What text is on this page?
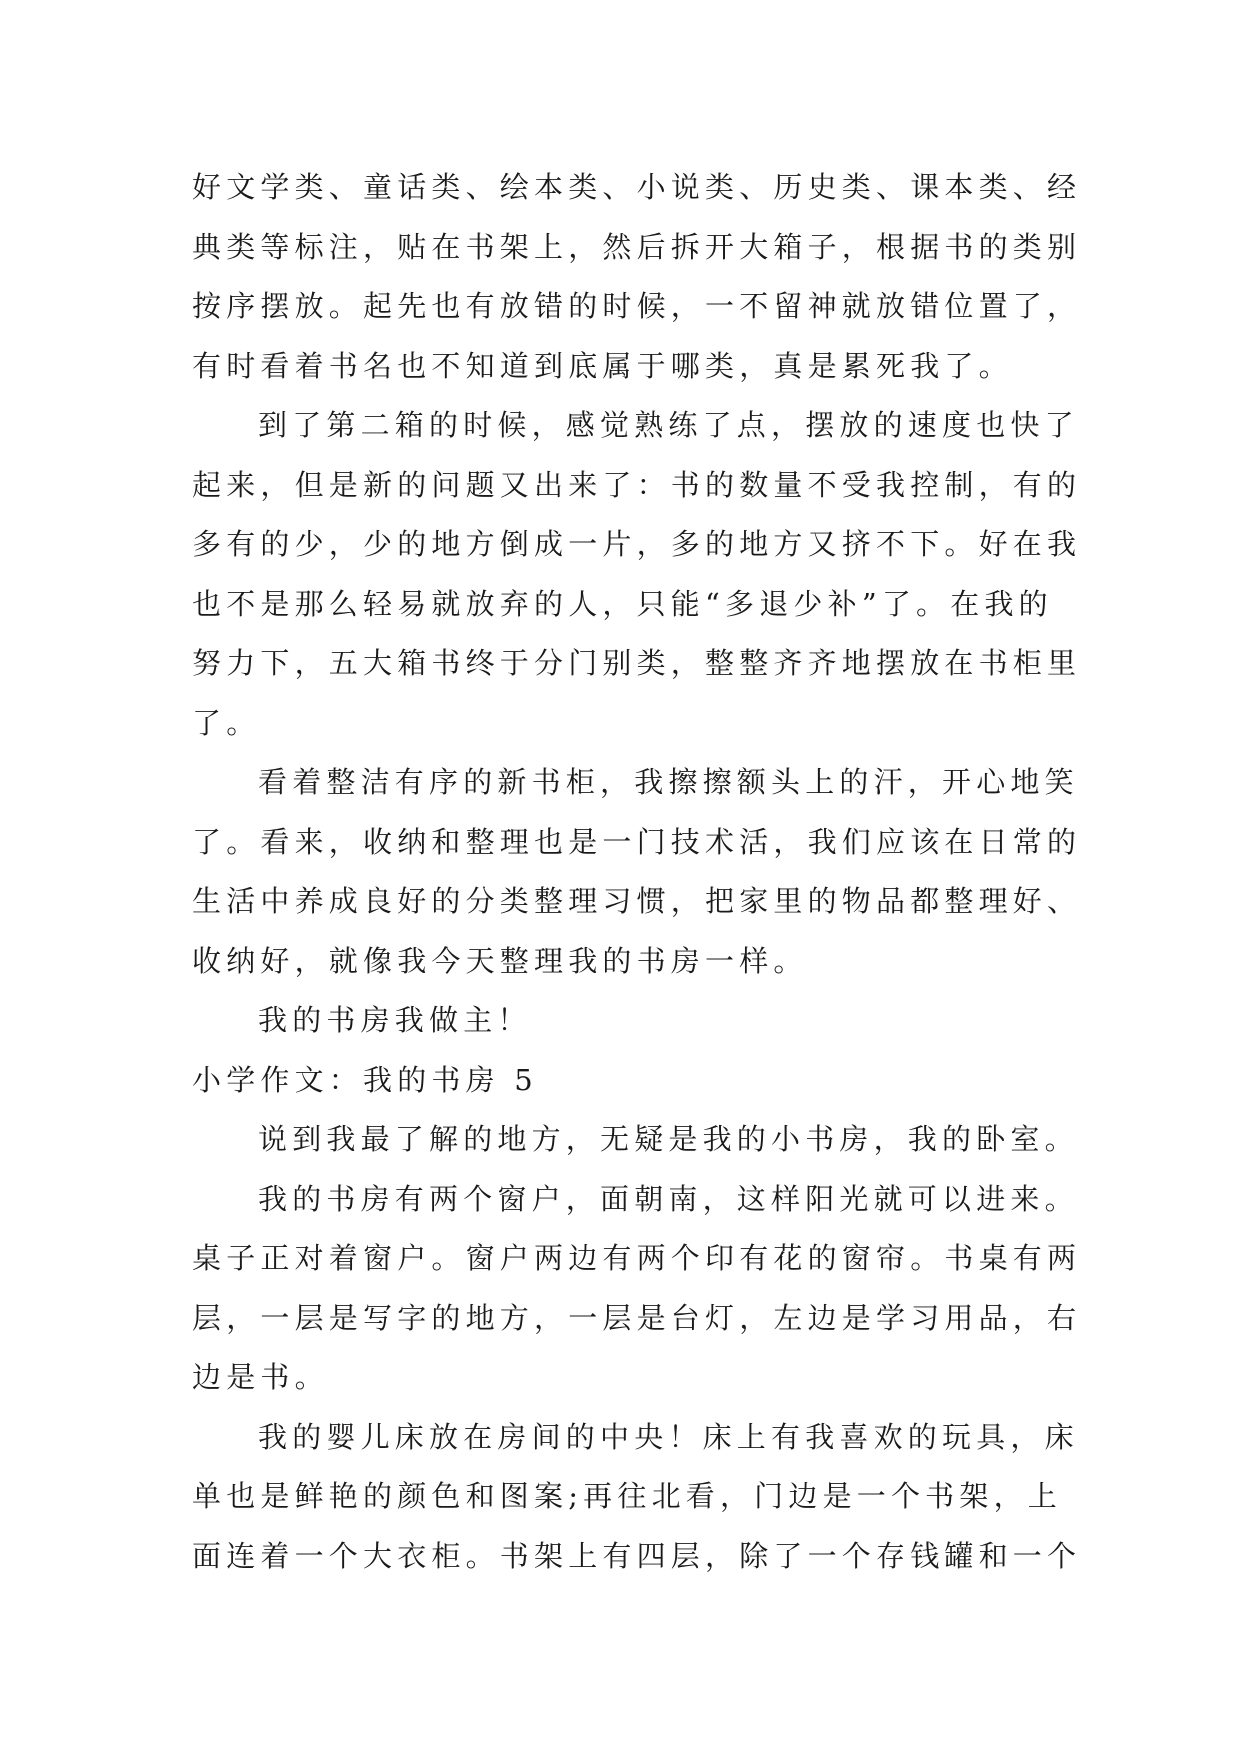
好文学类、童话类、绘本类、小说类、历史类、课本类、经
典类等标注，贴在书架上，然后拆开大箱子，根据书的类别
按序摆放。起先也有放错的时候，一不留神就放错位置了，
有时看着书名也不知道到底属于哪类，真是累死我了。
到了第二箱的时候，感觉熟练了点，摆放的速度也快了
起来，但是新的问题又出来了：书的数量不受我控制，有的
多有的少，少的地方倒成一片，多的地方又挤不下。好在我
也不是那么轻易就放弃的人，只能“多退少补”了。在我的
努力下，五大箱书终于分门别类，整整齐齐地摆放在书柜里
了。
看着整洁有序的新书柜，我擦擦额头上的汗，开心地笑
了。看来，收纳和整理也是一门技术活，我们应该在日常的
生活中养成良好的分类整理习惯，把家里的物品都整理好、
收纳好，就像我今天整理我的书房一样。
我的书房我做主！
小学作文：我的书房 5
说到我最了解的地方，无疑是我的小书房，我的卧室。
我的书房有两个窗户，面朝南，这样阳光就可以进来。
桌子正对着窗户。窗户两边有两个印有花的窗帘。书桌有两
层，一层是写字的地方，一层是台灯，左边是学习用品，右
边是书。
我的婴儿床放在房间的中央！床上有我喜欢的玩具，床
单也是鲜艳的颜色和图案;再往北看，门边是一个书架，上
面连着一个大衣柜。书架上有四层，除了一个存钱罐和一个
